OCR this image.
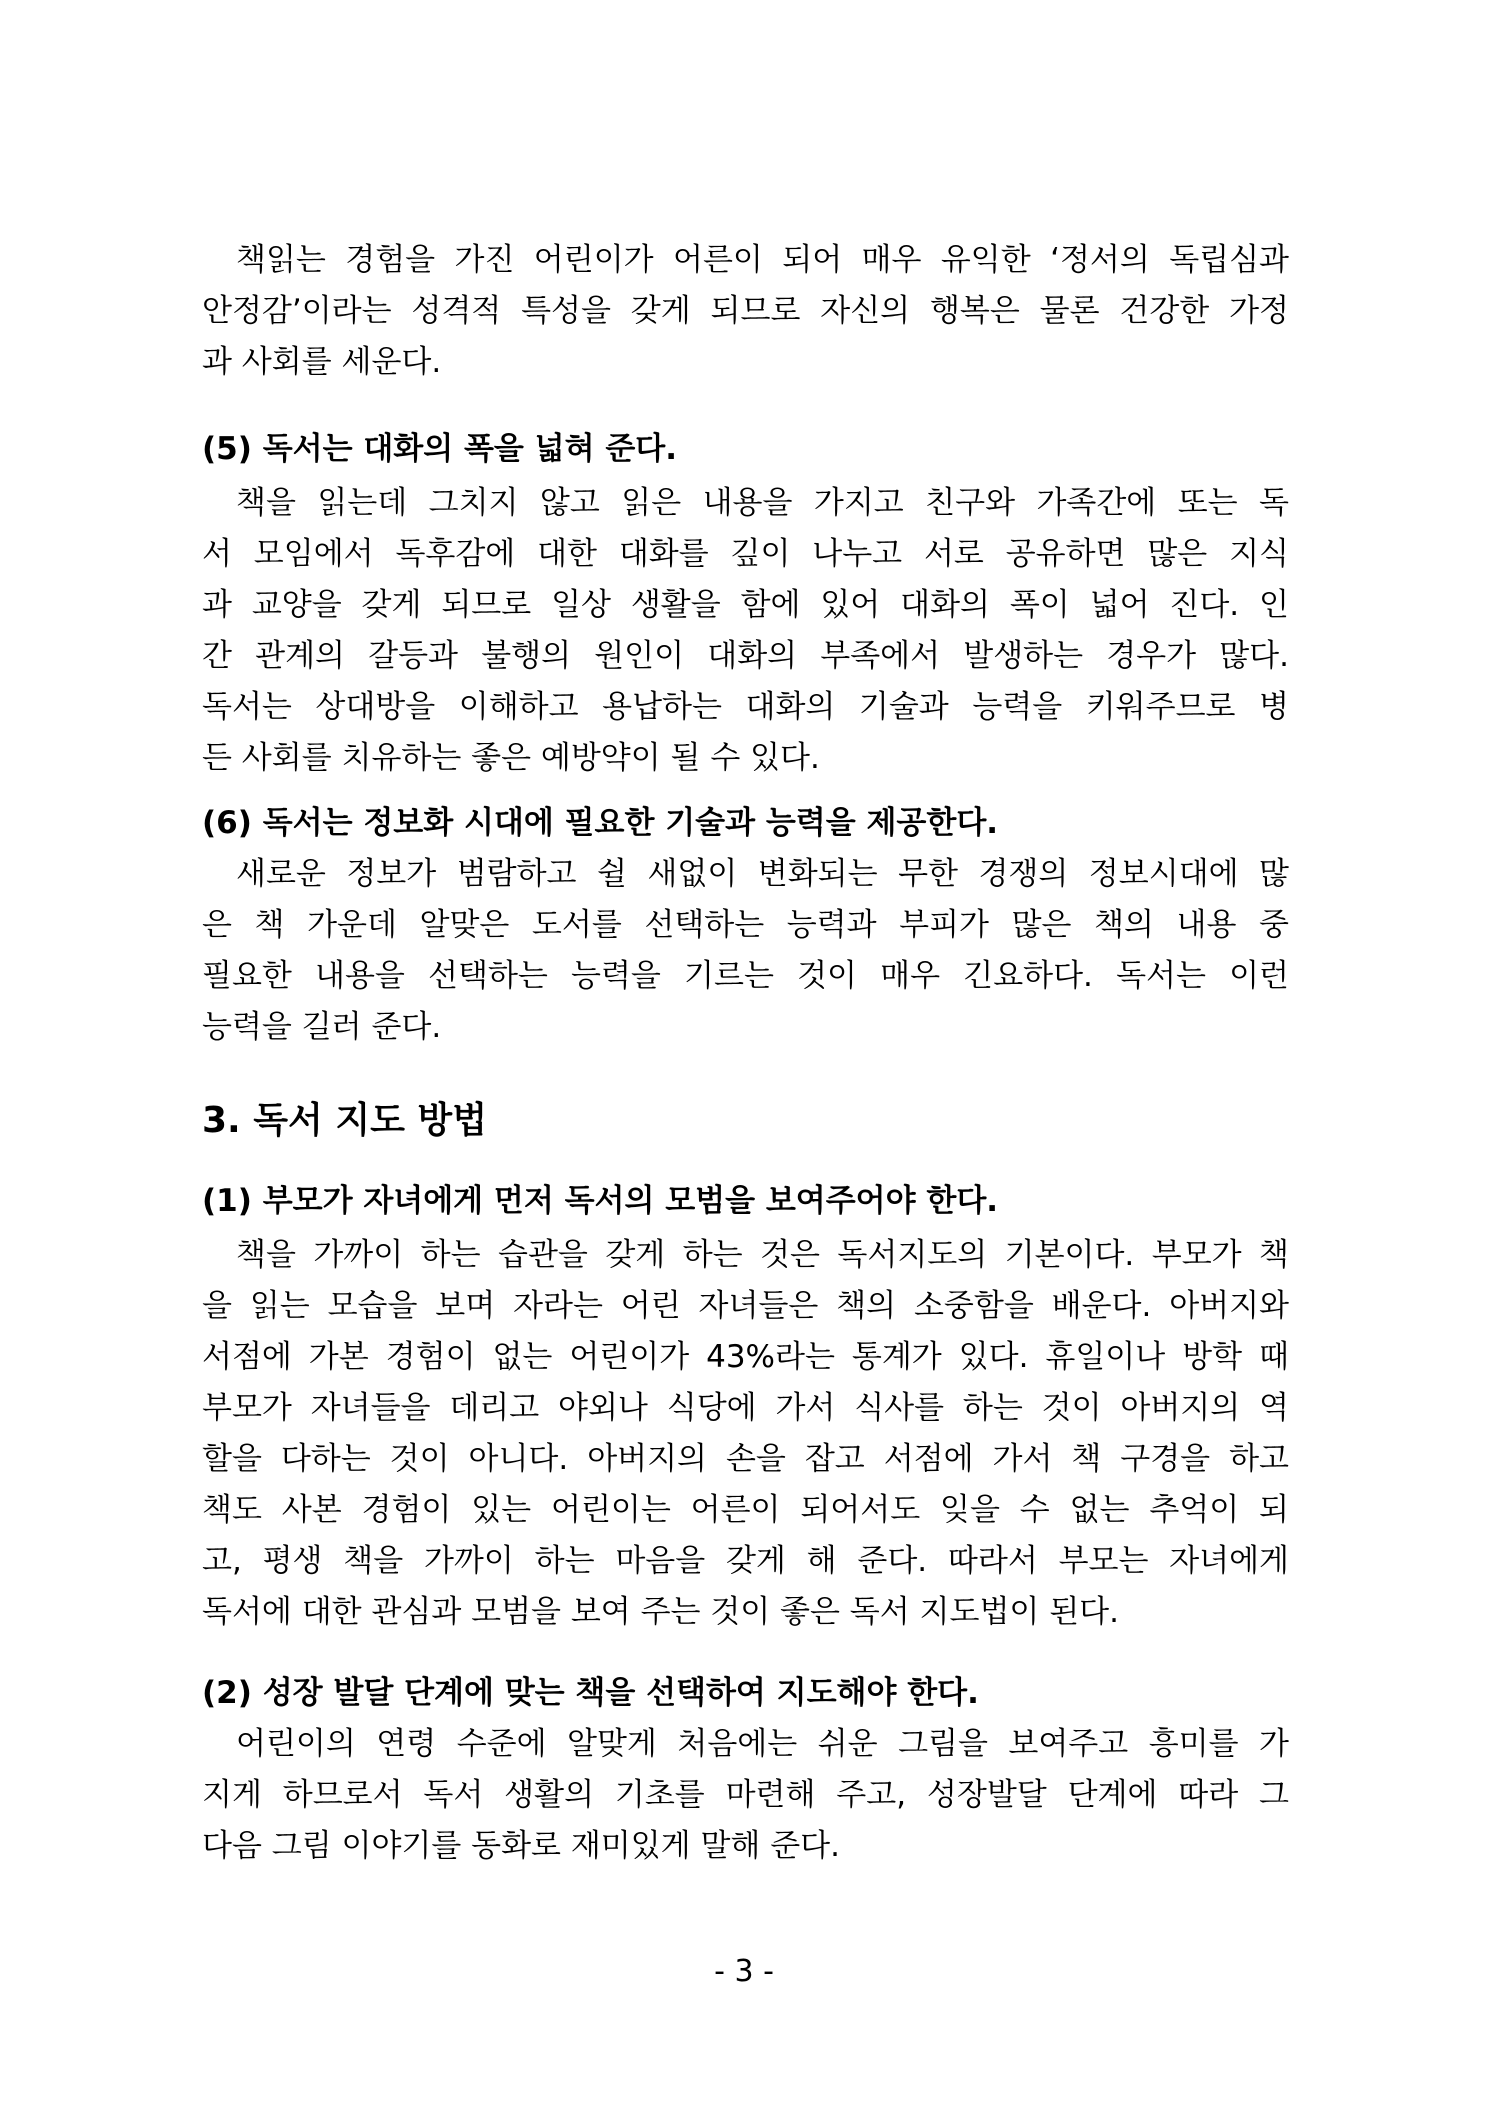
책읽는 경험을 가진 어린이가 어른이 되어 매우 유익한 ‘정서의 독립심과
안정감’이라는 성격적 특성을 갖게 되므로 자신의 행복은 물론 건강한 가정
과 사회를 세운다.
(5) 독서는 대화의 폭을 넓혀 준다.
책을 읽는데 그치지 않고 읽은 내용을 가지고 친구와 가족간에 또는 독
서 모임에서 독후감에 대한 대화를 깊이 나누고 서로 공유하면 많은 지식
과 교양을 갖게 되므로 일상 생활을 함에 있어 대화의 폭이 넓어 진다. 인
간 관계의 갈등과 불행의 원인이 대화의 부족에서 발생하는 경우가 많다.
독서는 상대방을 이해하고 용납하는 대화의 기술과 능력을 키워주므로 병
든 사회를 치유하는 좋은 예방약이 될 수 있다.
(6) 독서는 정보화 시대에 필요한 기술과 능력을 제공한다.
새로운 정보가 범람하고 쉴 새없이 변화되는 무한 경쟁의 정보시대에 많
은 책 가운데 알맞은 도서를 선택하는 능력과 부피가 많은 책의 내용 중
필요한 내용을 선택하는 능력을 기르는 것이 매우 긴요하다. 독서는 이런
능력을 길러 준다.
3. 독서 지도 방법
(1) 부모가 자녀에게 먼저 독서의 모범을 보여주어야 한다.
책을 가까이 하는 습관을 갖게 하는 것은 독서지도의 기본이다. 부모가 책
을 읽는 모습을 보며 자라는 어린 자녀들은 책의 소중함을 배운다. 아버지와
서점에 가본 경험이 없는 어린이가 43%라는 통계가 있다. 휴일이나 방학 때
부모가 자녀들을 데리고 야외나 식당에 가서 식사를 하는 것이 아버지의 역
할을 다하는 것이 아니다. 아버지의 손을 잡고 서점에 가서 책 구경을 하고
책도 사본 경험이 있는 어린이는 어른이 되어서도 잊을 수 없는 추억이 되
고, 평생 책을 가까이 하는 마음을 갖게 해 준다. 따라서 부모는 자녀에게
독서에 대한 관심과 모범을 보여 주는 것이 좋은 독서 지도법이 된다.
(2) 성장 발달 단계에 맞는 책을 선택하여 지도해야 한다.
어린이의 연령 수준에 알맞게 처음에는 쉬운 그림을 보여주고 흥미를 가
지게 하므로서 독서 생활의 기초를 마련해 주고, 성장발달 단계에 따라 그
다음 그림 이야기를 동화로 재미있게 말해 준다.
- 3 -
